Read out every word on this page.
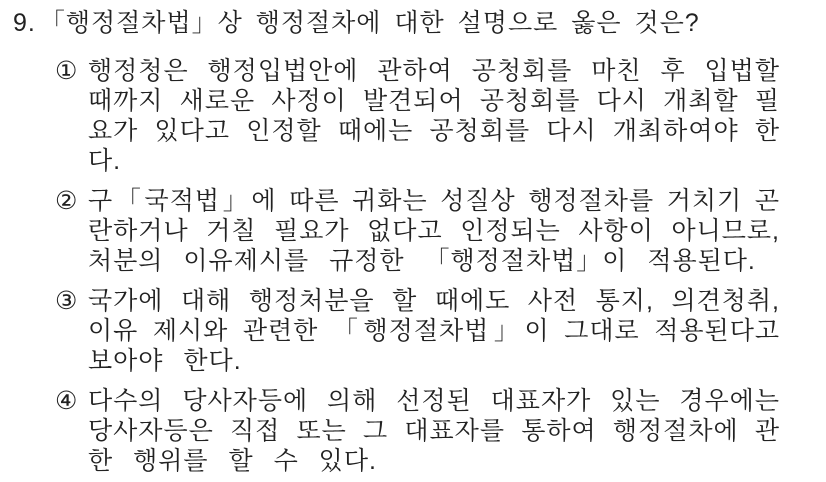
9. 「행정절차법」상 행정절차에 대한 설명으로 옳은 것은?
① 행정청은 행정입법안에 관하여 공청회를 마친 후 입법할
때까지 새로운 사정이 발견되어 공청회를 다시 개최할 필
요가 있다고 인정할 때에는 공청회를 다시 개최하여야 한
다.
② 구「국적법」에 따른 귀화는 성질상 행정절차를 거치기 곤
란하거나 거칠 필요가 없다고 인정되는 사항이 아니므로,
처분의 이유제시를 규정한 「행정절차법」이 적용된다.
③ 국가에 대해 행정처분을 할 때에도 사전 통지, 의견청취,
이유 제시와 관련한 「행정절차법」이 그대로 적용된다고
보아야 한다.
④ 다수의 당사자등에 의해 선정된 대표자가 있는 경우에는
당사자등은 직접 또는 그 대표자를 통하여 행정절차에 관
한 행위를 할 수 있다.
